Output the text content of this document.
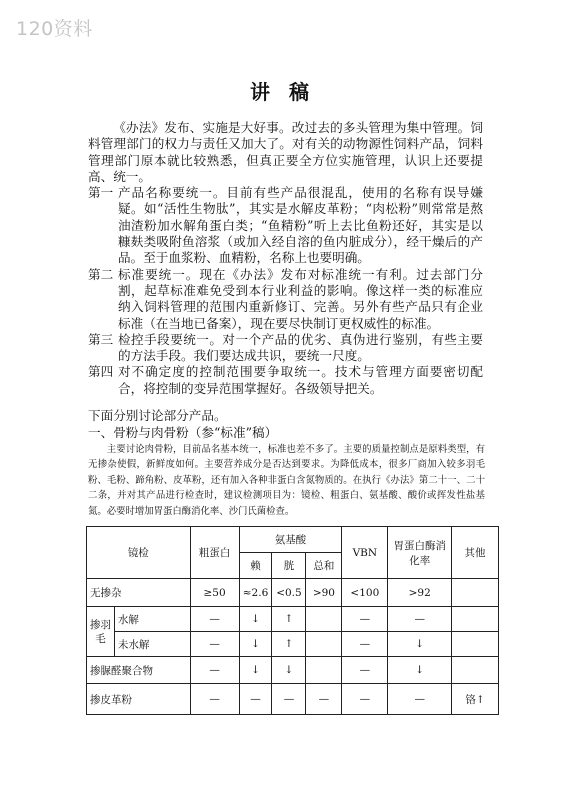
120资料
讲 稿

《办法》发布、实施是大好事。改过去的多头管理为集中管理。饲料管理部门的权力与责任又加大了。对有关的动物源性饲料产品，饲料管理部门原本就比较熟悉，但真正要全方位实施管理，认识上还要提高、统一。

第一 产品名称要统一。目前有些产品很混乱，使用的名称有误导嫌疑。如“活性生物肽”，其实是水解皮革粉；“肉松粉”则常常是熬油渣粉加水解角蛋白类；“鱼精粉”听上去比鱼粉还好，其实是以糠麸类吸附鱼溶浆（或加入经自溶的鱼内脏成分），经干燥后的产品。至于血浆粉、血精粉，名称上也要明确。
第二 标准要统一。现在《办法》发布对标准统一有利。过去部门分割，起草标准难免受到本行业利益的影响。像这样一类的标准应纳入饲料管理的范围内重新修订、完善。另外有些产品只有企业标准（在当地已备案），现在要尽快制订更权威性的标准。
第三 检控手段要统一。对一个产品的优劣、真伪进行鉴别，有些主要的方法手段。我们要达成共识，要统一尺度。
第四 对不确定度的控制范围要争取统一。技术与管理方面要密切配合，将控制的变异范围掌握好。各级领导把关。
下面分别讨论部分产品。
一、骨粉与肉骨粉（参“标准”稿）

主要讨论肉骨粉，目前品名基本统一，标准也差不多了。主要的质量控制点是原料类型，有无掺杂使假，新鲜度如何。主要营养成分是否达到要求。为降低成本，很多厂商加入较多羽毛粉、毛粉、蹄角粉、皮革粉，还有加入各种非蛋白含氮物质的。在执行《办法》第二十一、二十二条，并对其产品进行检查时，建议检测项目为：镜检、粗蛋白、氨基酸、酸价或挥发性盐基氮。必要时增加胃蛋白酶消化率、沙门氏菌检查。

镜检		粗蛋白	氨基酸			VBN	胃蛋白酶消化率	其他
			赖	胱	总和			
无掺杂		≥50	≈2.6	<0.5	>90	<100	>92	
掺羽毛	水解	—	↓	↑		—	—	
	未水解	—	↓	↑		—	↓	
掺脲醛聚合物		—	↓	↓		—	↓	
掺皮革粉		—	—	—	—	—	—	铬↑
